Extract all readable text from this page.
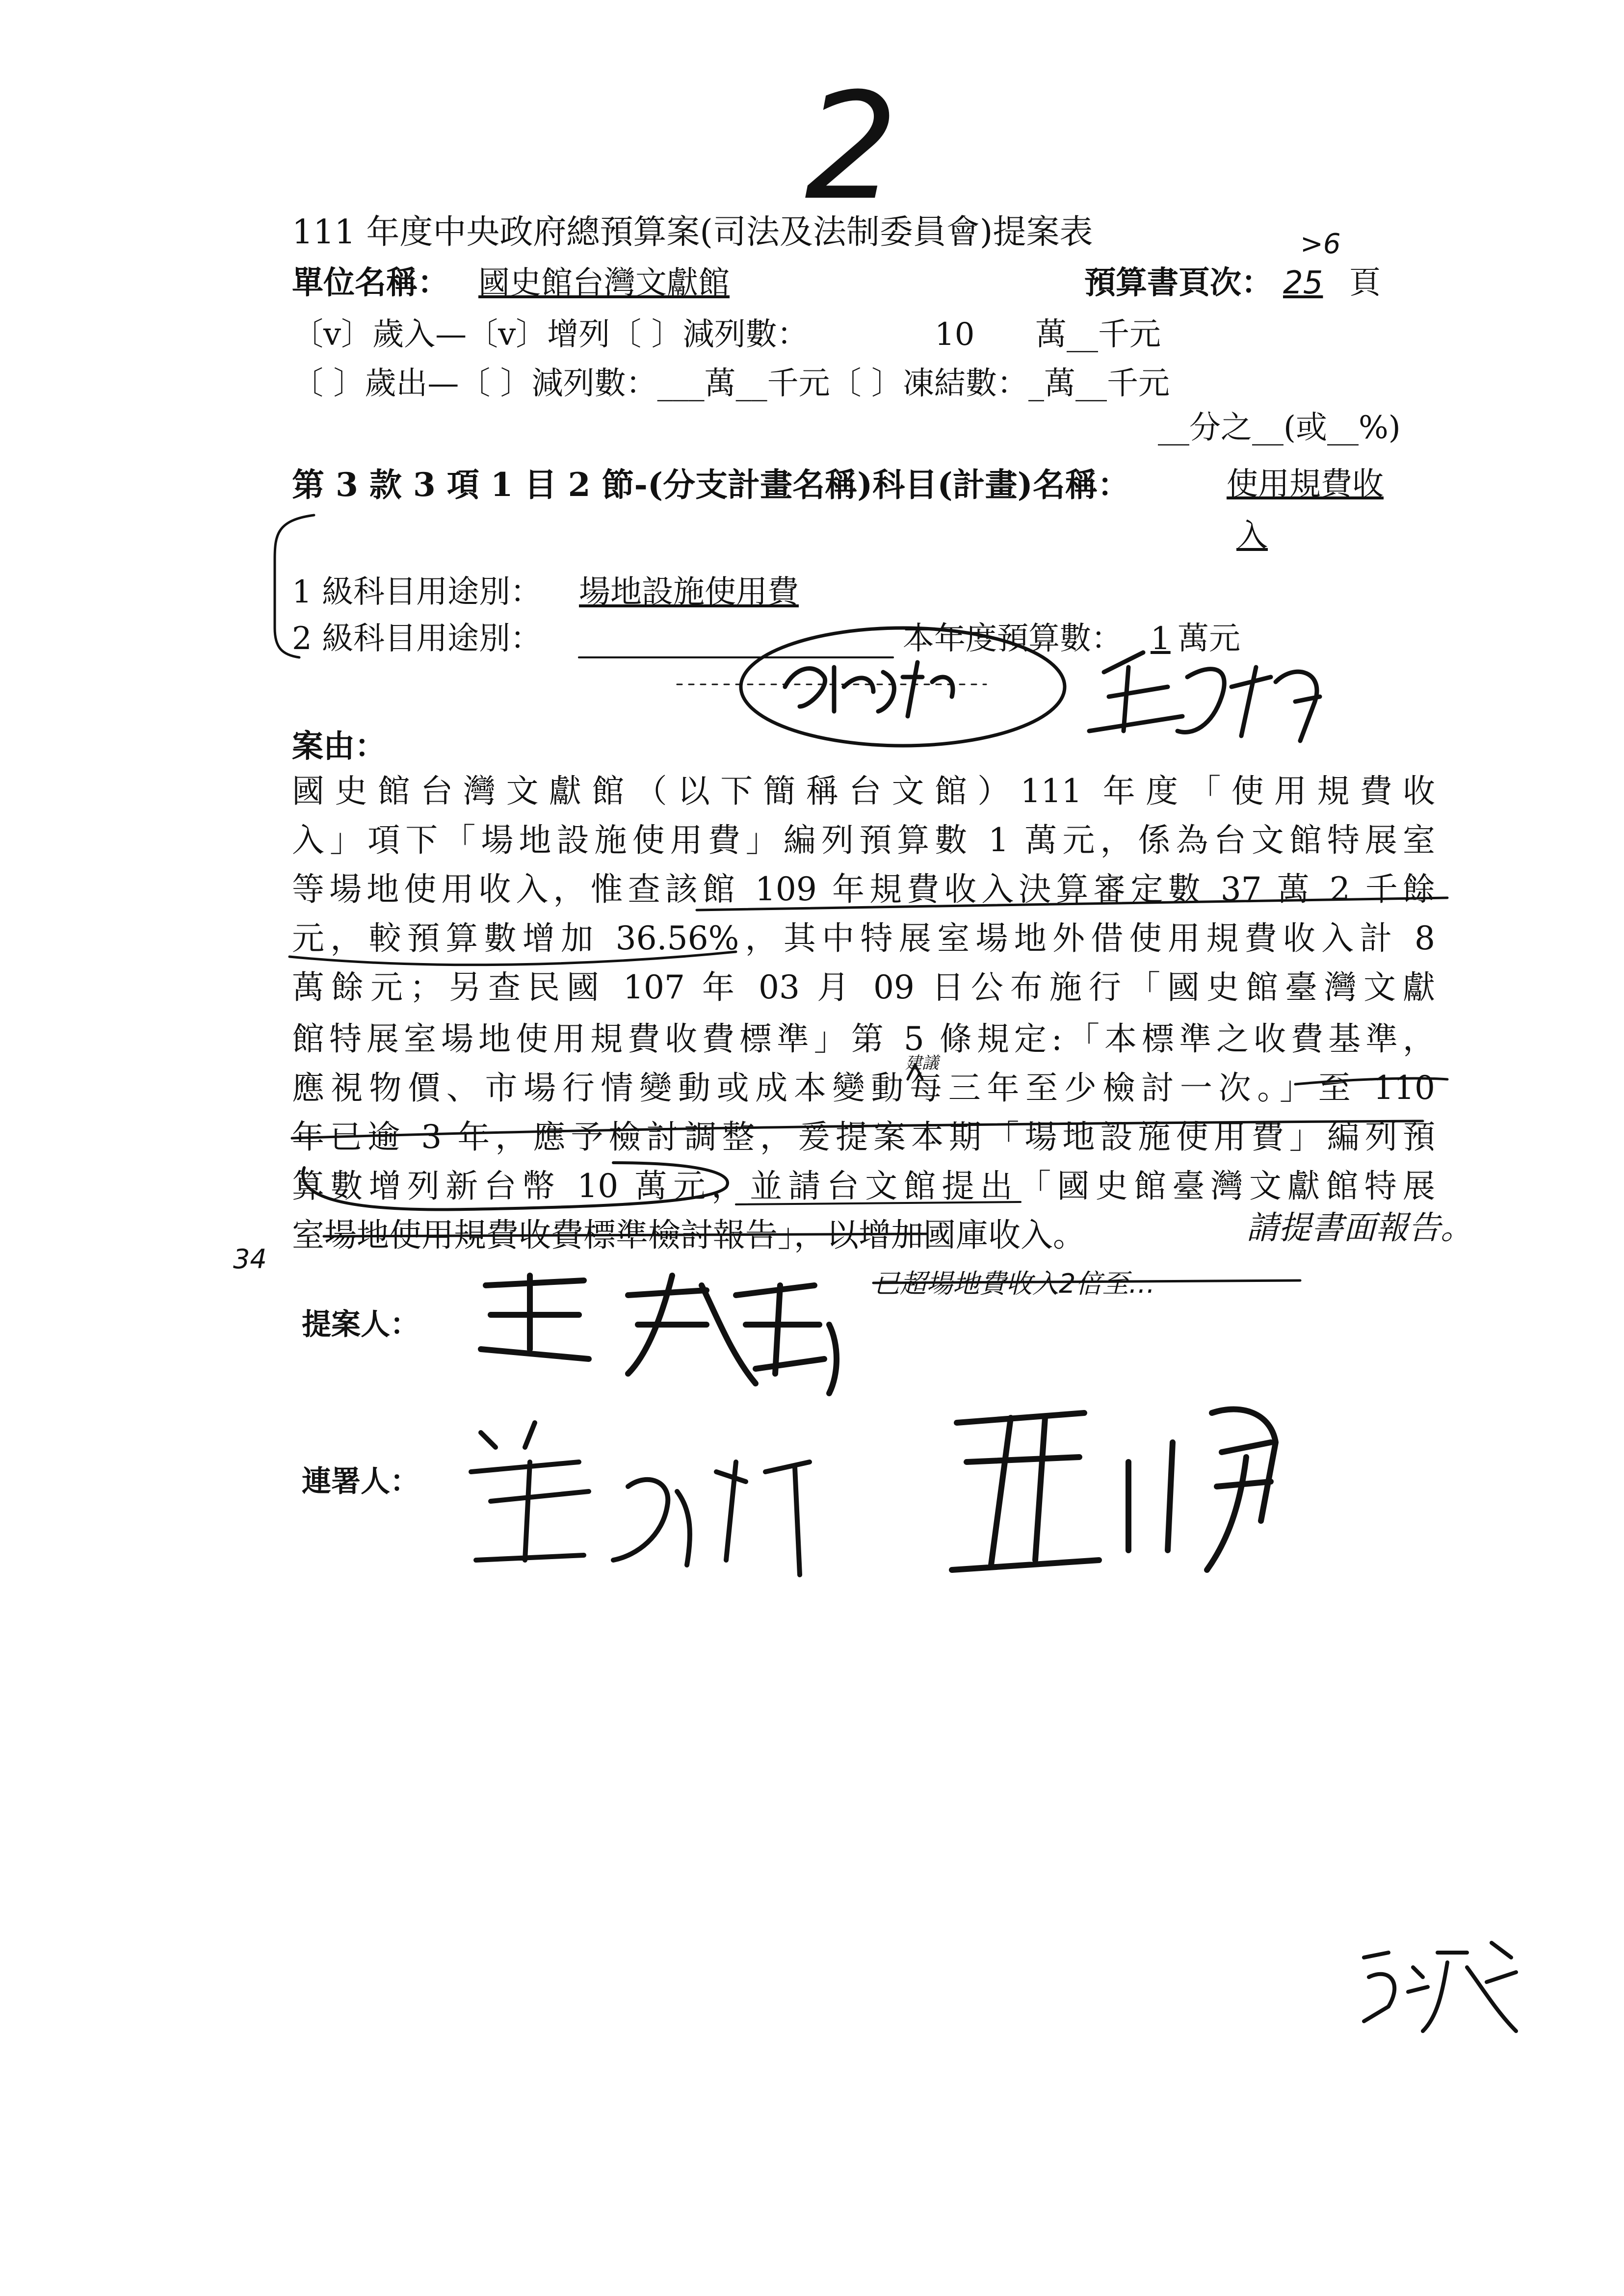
2
111 年度中央政府總預算案(司法及法制委員會)提案表	>6
單位名稱： 國史館台灣文獻館	預算書頁次： 25 頁
〔v〕歲入—〔v〕增列〔 〕減列數：	10 萬__千元
〔 〕歲出—〔 〕減列數：___萬__千元〔 〕凍結數：_萬__千元
__分之__(或__%)
第 3 款 3 項 1 目 2 節-(分支計畫名稱)科目(計畫)名稱：	使用規費收
入
1 級科目用途別： 場地設施使用費
2 級科目用途別：	本年度預算數： 1 萬元
案由：
國史館台灣文獻館（以下簡稱台文館）111 年度「使用規費收
入」項下「場地設施使用費」編列預算數 1 萬元，係為台文館特展室
等場地使用收入，惟查該館 109 年規費收入決算審定數 37 萬 2 千餘
元，較預算數增加 36.56%，其中特展室場地外借使用規費收入計 8
萬餘元；另查民國 107 年 03 月 09 日公布施行「國史館臺灣文獻
館特展室場地使用規費收費標準」第 5 條規定:「本標準之收費基準，
應視物價、市場行情變動或成本變動每三年至少檢討一次。」至 110
年已逾 3 年，應予檢討調整，爰提案本期「場地設施使用費」編列預
算數增列新台幣 10 萬元，並請台文館提出「國史館臺灣文獻館特展
室場地使用規費收費標準檢討報告」，以增加國庫收入。
建議
請提書面報告。
已超場地費收入2倍至…
34
提案人：
連署人：
